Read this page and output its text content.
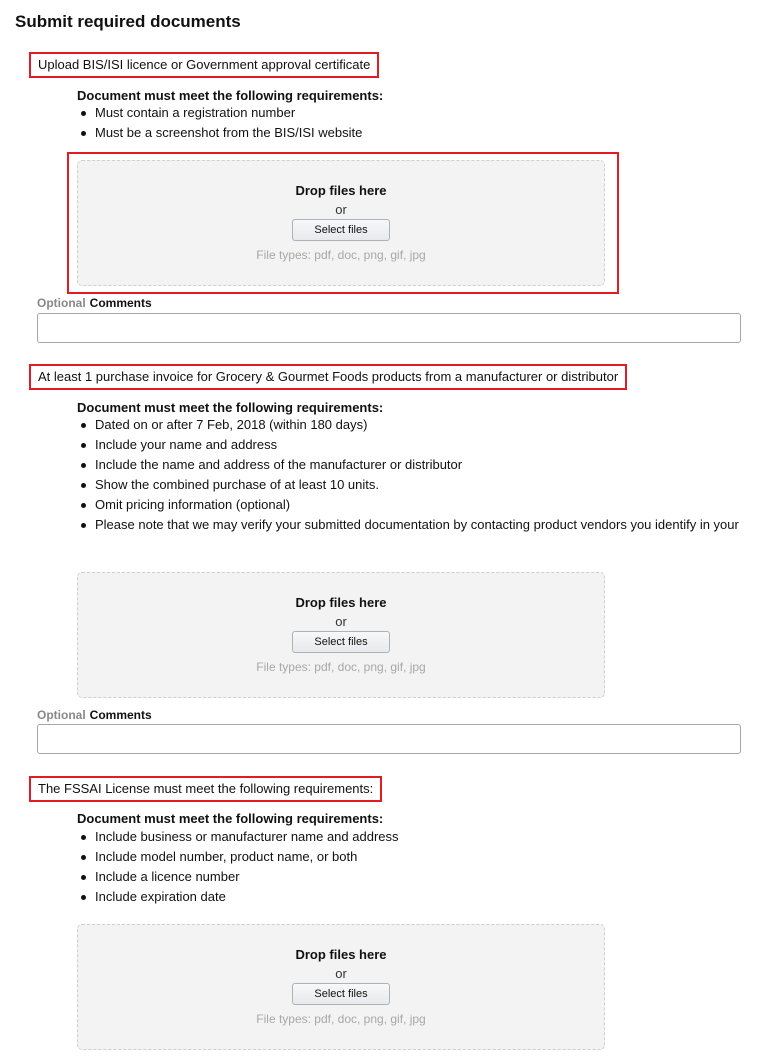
Submit required documents
Upload BIS/ISI licence or Government approval certificate
Document must meet the following requirements:
Must contain a registration number
Must be a screenshot from the BIS/ISI website
Drop files here
or
Select files
File types: pdf, doc, png, gif, jpg
Optional Comments
At least 1 purchase invoice for Grocery & Gourmet Foods products from a manufacturer or distributor
Document must meet the following requirements:
Dated on or after 7 Feb, 2018 (within 180 days)
Include your name and address
Include the name and address of the manufacturer or distributor
Show the combined purchase of at least 10 units.
Omit pricing information (optional)
Please note that we may verify your submitted documentation by contacting product vendors you identify in your
Drop files here
or
Select files
File types: pdf, doc, png, gif, jpg
Optional Comments
The FSSAI License must meet the following requirements:
Document must meet the following requirements:
Include business or manufacturer name and address
Include model number, product name, or both
Include a licence number
Include expiration date
Drop files here
or
Select files
File types: pdf, doc, png, gif, jpg
